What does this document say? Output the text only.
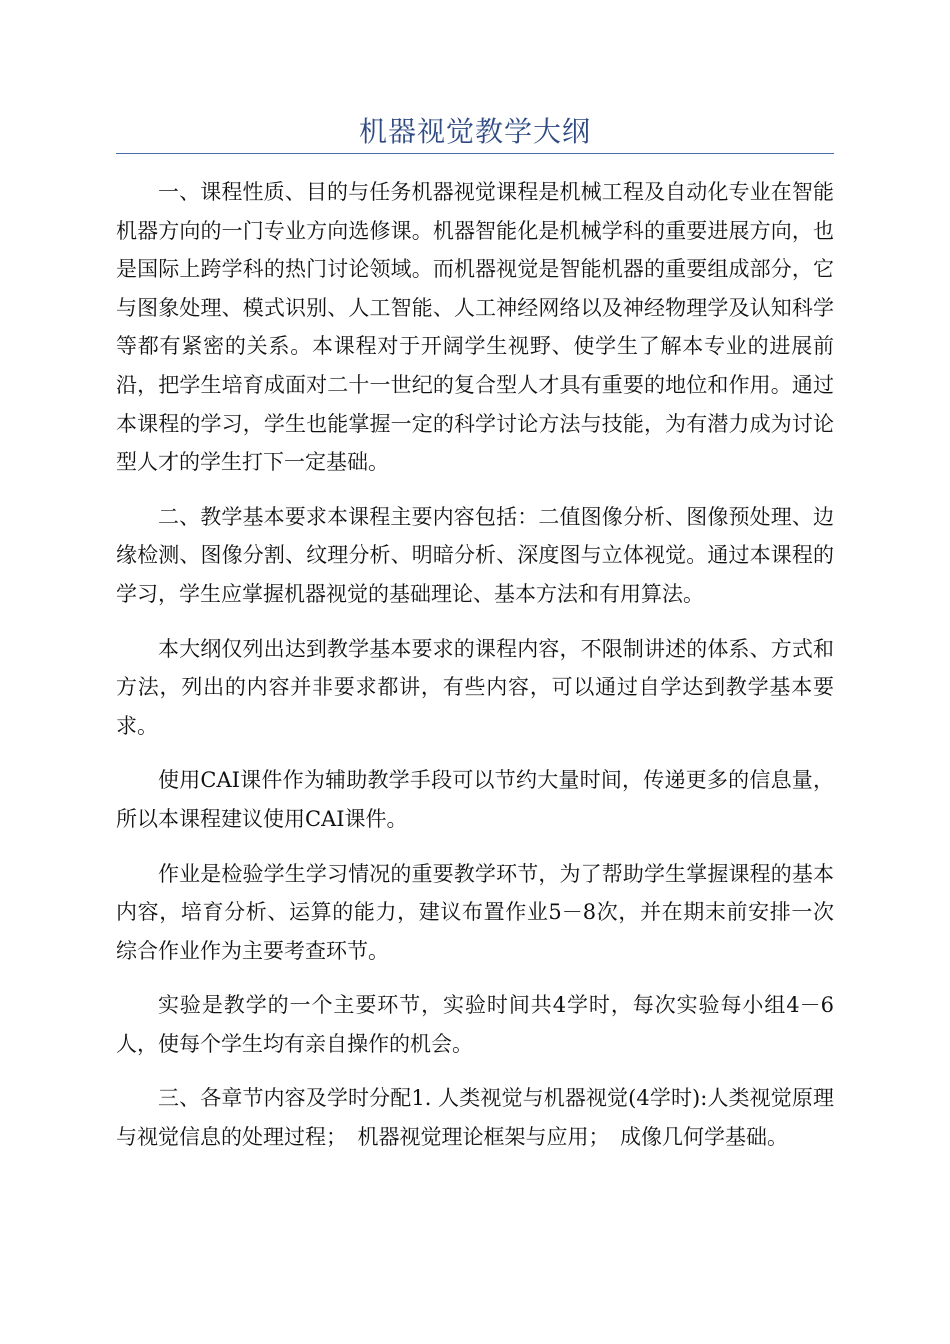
机器视觉教学大纲

一、课程性质、目的与任务机器视觉课程是机械工程及自动化专业在智能机器方向的一门专业方向选修课。机器智能化是机械学科的重要进展方向，也是国际上跨学科的热门讨论领域。而机器视觉是智能机器的重要组成部分，它与图象处理、模式识别、人工智能、人工神经网络以及神经物理学及认知科学等都有紧密的关系。本课程对于开阔学生视野、使学生了解本专业的进展前沿，把学生培育成面对二十一世纪的复合型人才具有重要的地位和作用。通过本课程的学习，学生也能掌握一定的科学讨论方法与技能，为有潜力成为讨论型人才的学生打下一定基础。

二、教学基本要求本课程主要内容包括：二值图像分析、图像预处理、边缘检测、图像分割、纹理分析、明暗分析、深度图与立体视觉。通过本课程的学习，学生应掌握机器视觉的基础理论、基本方法和有用算法。

本大纲仅列出达到教学基本要求的课程内容，不限制讲述的体系、方式和方法，列出的内容并非要求都讲，有些内容，可以通过自学达到教学基本要求。

使用CAI课件作为辅助教学手段可以节约大量时间，传递更多的信息量，所以本课程建议使用CAI课件。

作业是检验学生学习情况的重要教学环节，为了帮助学生掌握课程的基本内容，培育分析、运算的能力，建议布置作业5－8次，并在期末前安排一次综合作业作为主要考查环节。

实验是教学的一个主要环节，实验时间共4学时，每次实验每小组4－6人，使每个学生均有亲自操作的机会。

三、各章节内容及学时分配1. 人类视觉与机器视觉(4学时):人类视觉原理与视觉信息的处理过程；　机器视觉理论框架与应用；　成像几何学基础。
